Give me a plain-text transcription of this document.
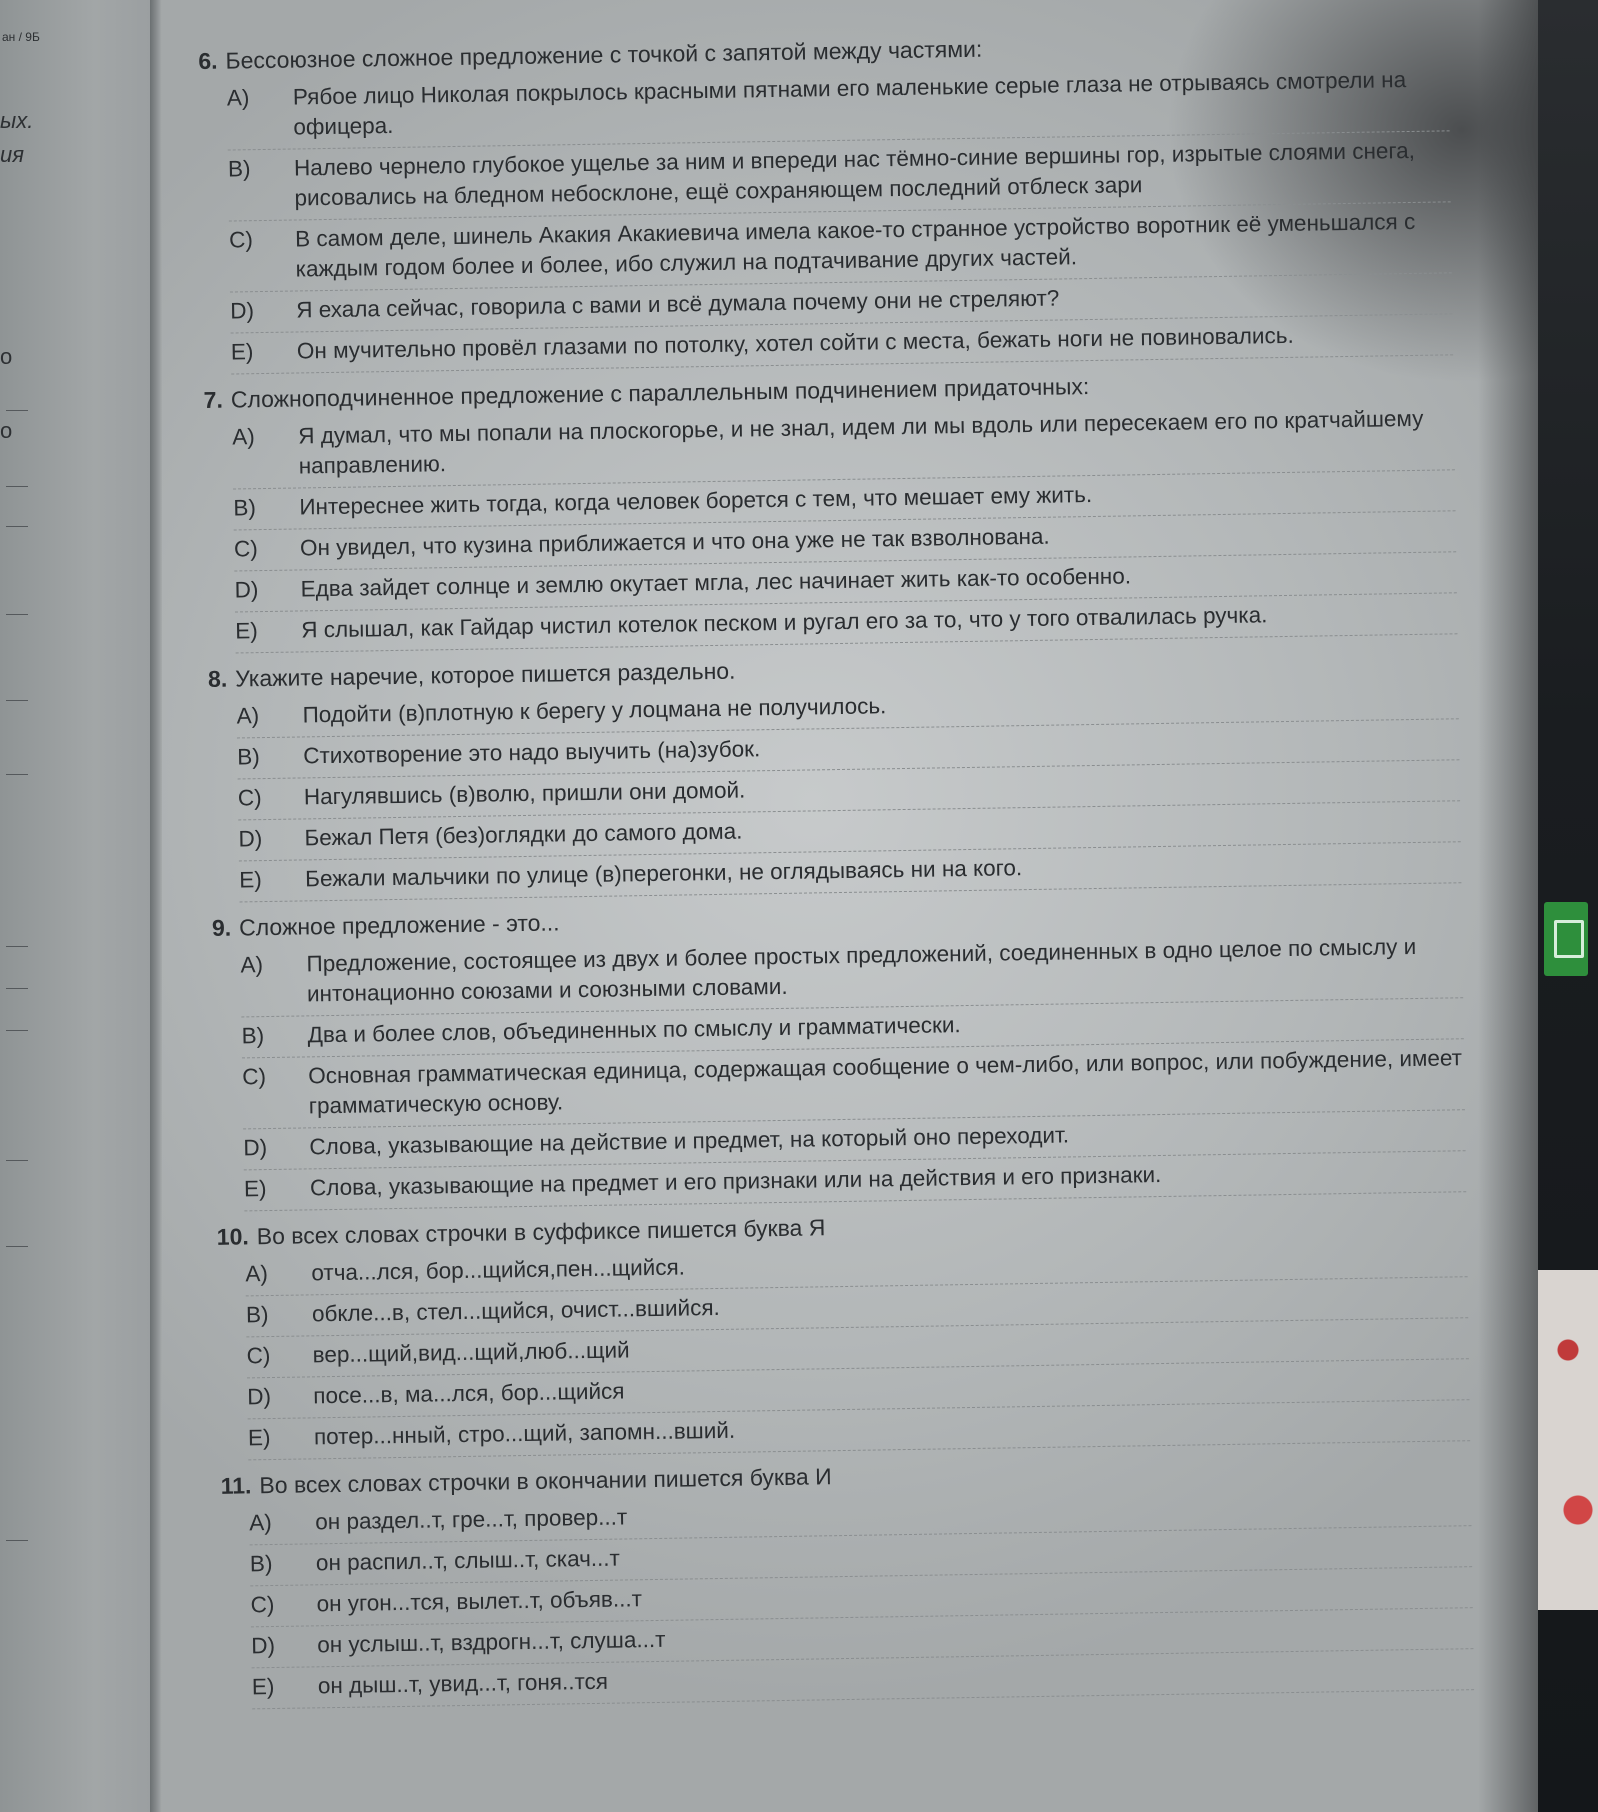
ан / 9Б
ых.
ия
о
о
6. Бессоюзное сложное предложение с точкой с запятой между частями:
A)	Рябое лицо Николая покрылось красными пятнами его маленькие серые глаза не отрываясь смотрели на офицера.
B)	Налево чернело глубокое ущелье за ним и впереди нас тёмно-синие вершины гор, изрытые слоями снега, рисовались на бледном небосклоне, ещё сохраняющем последний отблеск зари
C)	В самом деле, шинель Акакия Акакиевича имела какое-то странное устройство воротник её уменьшался с каждым годом более и более, ибо служил на подтачивание других частей.
D)	Я ехала сейчас, говорила с вами и всё думала почему они не стреляют?
E)	Он мучительно провёл глазами по потолку, хотел сойти с места, бежать ноги не повиновались.
7. Сложноподчиненное предложение с параллельным подчинением придаточных:
A)	Я думал, что мы попали на плоскогорье, и не знал, идем ли мы вдоль или пересекаем его по кратчайшему направлению.
B)	Интереснее жить тогда, когда человек борется с тем, что мешает ему жить.
C)	Он увидел, что кузина приближается и что она уже не так взволнована.
D)	Едва зайдет солнце и землю окутает мгла, лес начинает жить как-то особенно.
E)	Я слышал, как Гайдар чистил котелок песком и ругал его за то, что у того отвалилась ручка.
8. Укажите наречие, которое пишется раздельно.
A)	Подойти (в)плотную к берегу у лоцмана не получилось.
B)	Стихотворение это надо выучить (на)зубок.
C)	Нагулявшись (в)волю, пришли они домой.
D)	Бежал Петя (без)оглядки до самого дома.
E)	Бежали мальчики по улице (в)перегонки, не оглядываясь ни на кого.
9. Сложное предложение - это...
A)	Предложение, состоящее из двух и более простых предложений, соединенных в одно целое по смыслу и интонационно союзами и союзными словами.
B)	Два и более слов, объединенных по смыслу и грамматически.
C)	Основная грамматическая единица, содержащая сообщение о чем-либо, или вопрос, или побуждение, имеет грамматическую основу.
D)	Слова, указывающие на действие и предмет, на который оно переходит.
E)	Слова, указывающие на предмет и его признаки или на действия и его признаки.
10. Во всех словах строчки в суффиксе пишется буква Я
A)	отча...лся, бор...щийся,пен...щийся.
B)	обкле...в, стел...щийся, очист...вшийся.
C)	вер...щий,вид...щий,люб...щий
D)	посе...в, ма...лся, бор...щийся
E)	потер...нный, стро...щий, запомн...вший.
11. Во всех словах строчки в окончании пишется буква И
A)	он раздел..т, гре...т, провер...т
B)	он распил..т, слыш..т, скач...т
C)	он угон...тся, вылет..т, объяв...т
D)	он услыш..т, вздрогн...т, слуша...т
E)	он дыш..т, увид...т, гоня..тся
